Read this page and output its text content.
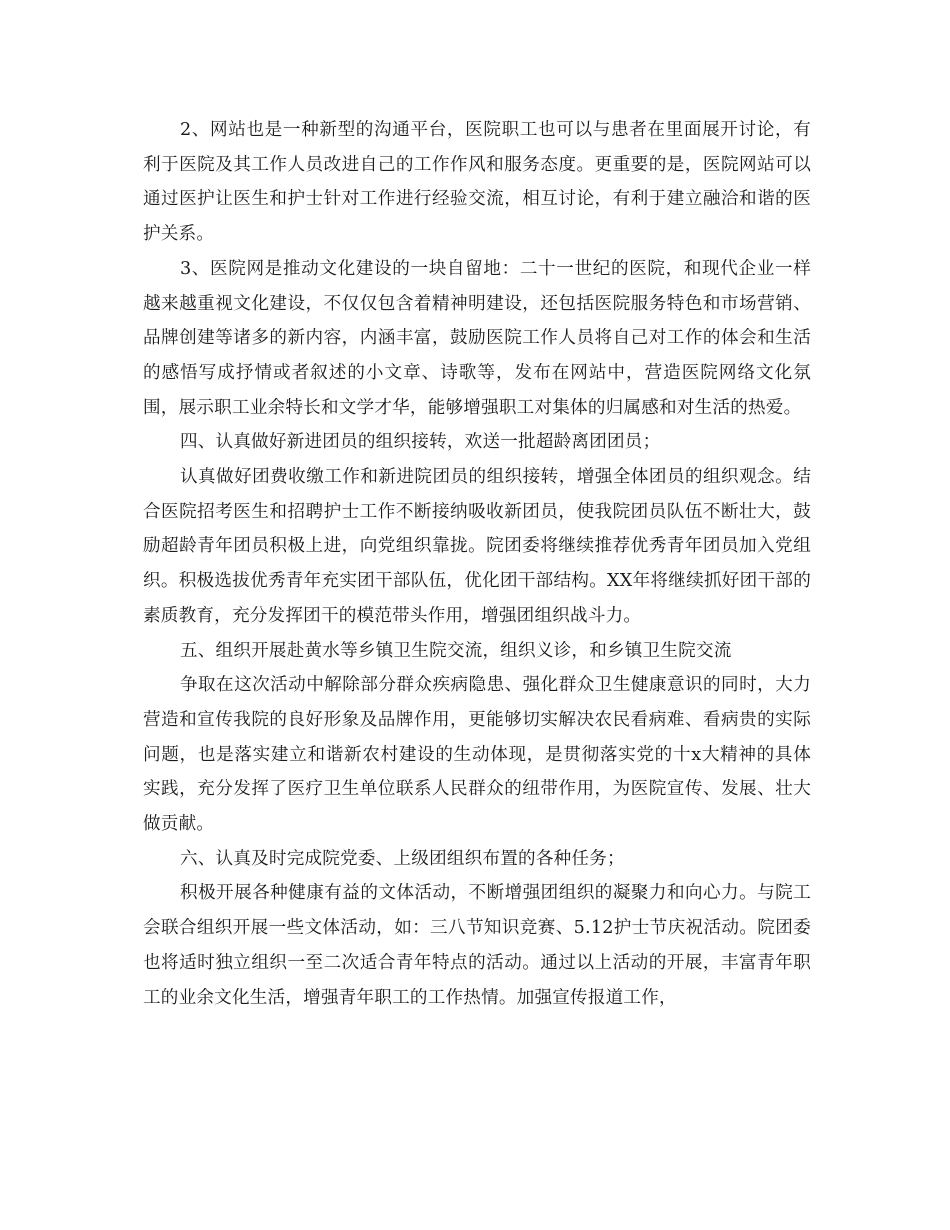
2、网站也是一种新型的沟通平台，医院职工也可以与患者在里面展开讨论，有利于医院及其工作人员改进自己的工作作风和服务态度。更重要的是，医院网站可以通过医护让医生和护士针对工作进行经验交流，相互讨论，有利于建立融洽和谐的医护关系。

3、医院网是推动文化建设的一块自留地：二十一世纪的医院，和现代企业一样越来越重视文化建设，不仅仅包含着精神明建设，还包括医院服务特色和市场营销、品牌创建等诸多的新内容，内涵丰富，鼓励医院工作人员将自己对工作的体会和生活的感悟写成抒情或者叙述的小文章、诗歌等，发布在网站中，营造医院网络文化氛围，展示职工业余特长和文学才华，能够增强职工对集体的归属感和对生活的热爱。

四、认真做好新进团员的组织接转，欢送一批超龄离团团员；

认真做好团费收缴工作和新进院团员的组织接转，增强全体团员的组织观念。结合医院招考医生和招聘护士工作不断接纳吸收新团员，使我院团员队伍不断壮大，鼓励超龄青年团员积极上进，向党组织靠拢。院团委将继续推荐优秀青年团员加入党组织。积极选拔优秀青年充实团干部队伍，优化团干部结构。XX年将继续抓好团干部的素质教育，充分发挥团干的模范带头作用，增强团组织战斗力。

五、组织开展赴黄水等乡镇卫生院交流，组织义诊，和乡镇卫生院交流

争取在这次活动中解除部分群众疾病隐患、强化群众卫生健康意识的同时，大力营造和宣传我院的良好形象及品牌作用，更能够切实解决农民看病难、看病贵的实际问题，也是落实建立和谐新农村建设的生动体现，是贯彻落实党的十x大精神的具体实践，充分发挥了医疗卫生单位联系人民群众的纽带作用，为医院宣传、发展、壮大做贡献。

六、认真及时完成院党委、上级团组织布置的各种任务；

积极开展各种健康有益的文体活动，不断增强团组织的凝聚力和向心力。与院工会联合组织开展一些文体活动，如：三八节知识竞赛、5.12护士节庆祝活动。院团委也将适时独立组织一至二次适合青年特点的活动。通过以上活动的开展，丰富青年职工的业余文化生活，增强青年职工的工作热情。加强宣传报道工作，
